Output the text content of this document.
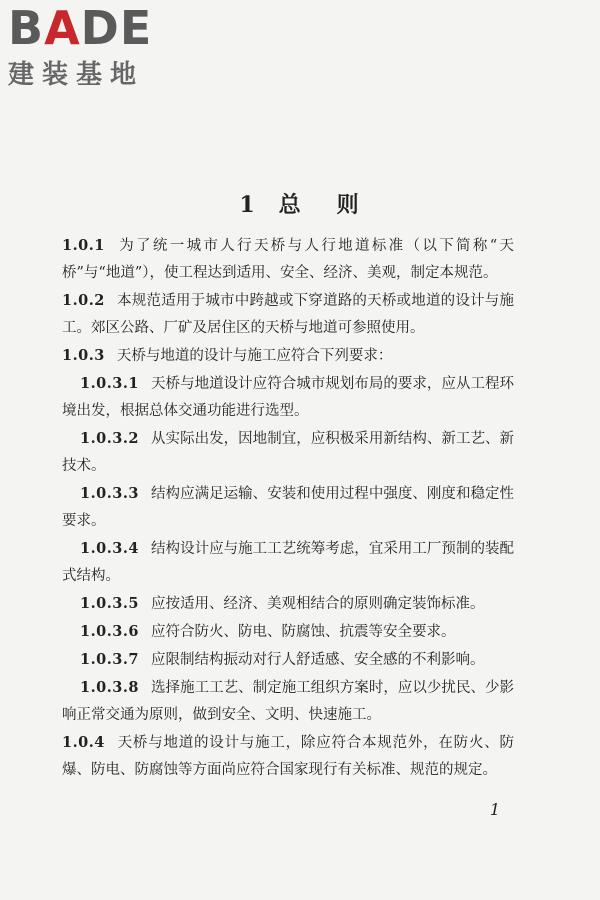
BADE
建装基地
1 总 则

1.0.1 为了统一城市人行天桥与人行地道标准（以下简称“天桥”与“地道”），使工程达到适用、安全、经济、美观，制定本规范。

1.0.2 本规范适用于城市中跨越或下穿道路的天桥或地道的设计与施工。郊区公路、厂矿及居住区的天桥与地道可参照使用。

1.0.3 天桥与地道的设计与施工应符合下列要求：

1.0.3.1 天桥与地道设计应符合城市规划布局的要求，应从工程环境出发，根据总体交通功能进行选型。

1.0.3.2 从实际出发，因地制宜，应积极采用新结构、新工艺、新技术。

1.0.3.3 结构应满足运输、安装和使用过程中强度、刚度和稳定性要求。

1.0.3.4 结构设计应与施工工艺统筹考虑，宜采用工厂预制的装配式结构。

1.0.3.5 应按适用、经济、美观相结合的原则确定装饰标准。

1.0.3.6 应符合防火、防电、防腐蚀、抗震等安全要求。

1.0.3.7 应限制结构振动对行人舒适感、安全感的不利影响。

1.0.3.8 选择施工工艺、制定施工组织方案时，应以少扰民、少影响正常交通为原则，做到安全、文明、快速施工。

1.0.4 天桥与地道的设计与施工，除应符合本规范外，在防火、防爆、防电、防腐蚀等方面尚应符合国家现行有关标准、规范的规定。

1
